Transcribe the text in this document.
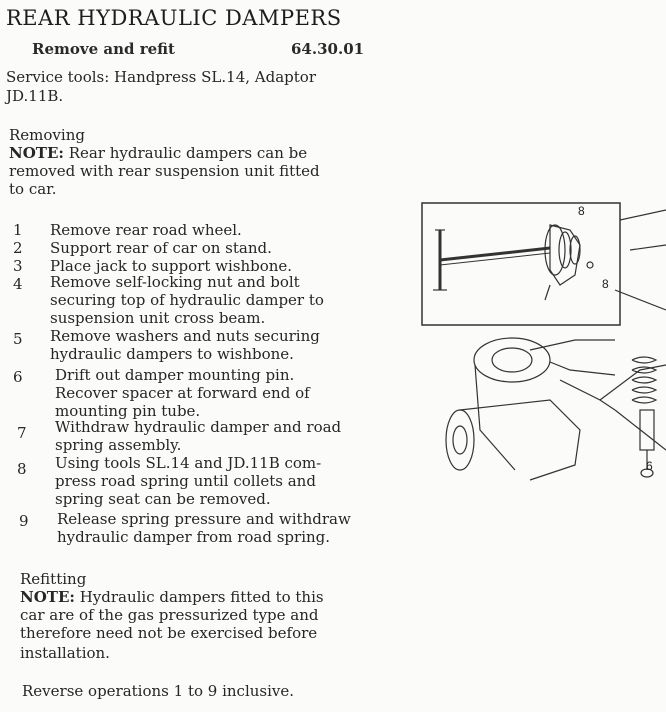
REAR HYDRAULIC DAMPERS
Remove and refit	64.30.01
Service tools: Handpress SL.14, Adaptor
JD.11B.
Removing
NOTE: Rear hydraulic dampers can be
removed with rear suspension unit fitted
to car.
1 Remove rear road wheel.
2 Support rear of car on stand.
3 Place jack to support wishbone.
4 Remove self-locking nut and bolt
securing top of hydraulic damper to
suspension unit cross beam.
5 Remove washers and nuts securing
hydraulic dampers to wishbone.
6 Drift out damper mounting pin.
Recover spacer at forward end of
mounting pin tube.
7 Withdraw hydraulic damper and road
spring assembly.
8 Using tools SL.14 and JD.11B com-
press road spring until collets and
spring seat can be removed.
9 Release spring pressure and withdraw
hydraulic damper from road spring.
Refitting
NOTE: Hydraulic dampers fitted to this
car are of the gas pressurized type and
therefore need not be exercised before
installation.
Reverse operations 1 to 9 inclusive.
8
8
6
